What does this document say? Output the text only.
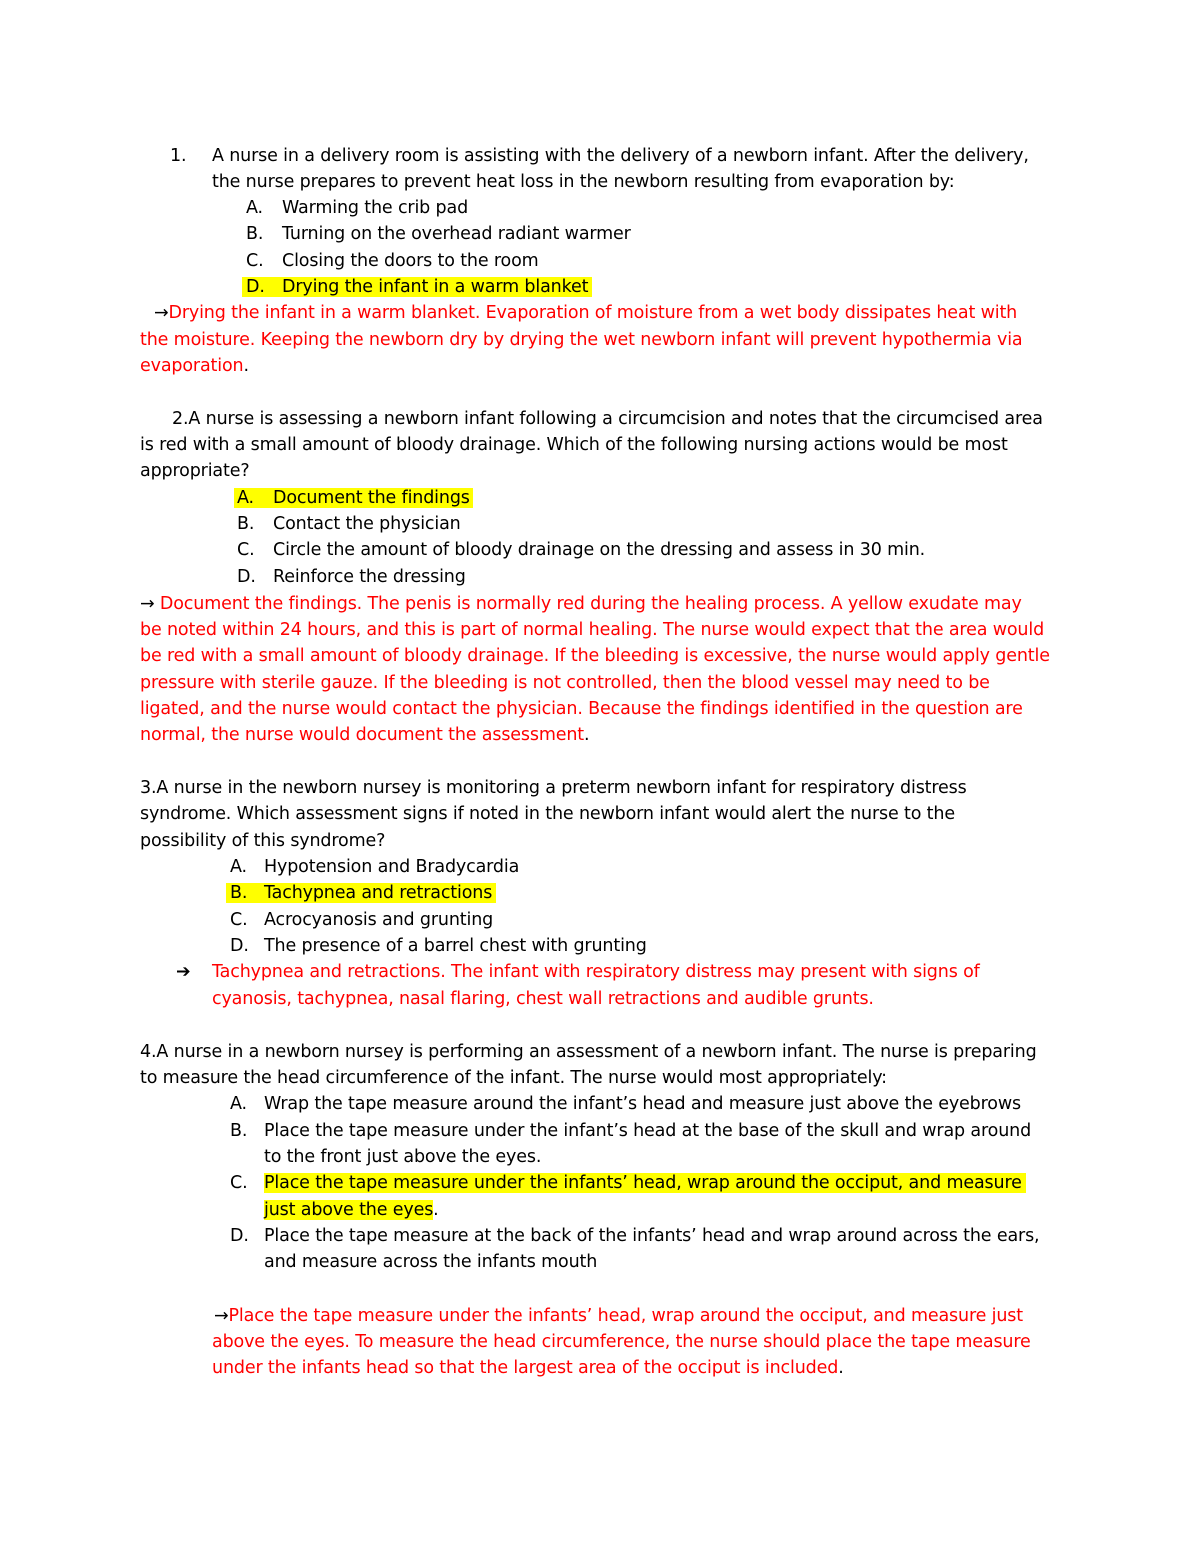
1. A nurse in a delivery room is assisting with the delivery of a newborn infant. After the delivery,
the nurse prepares to prevent heat loss in the newborn resulting from evaporation by:
A. Warming the crib pad
B. Turning on the overhead radiant warmer
C. Closing the doors to the room
D. Drying the infant in a warm blanket
→Drying the infant in a warm blanket. Evaporation of moisture from a wet body dissipates heat with
the moisture. Keeping the newborn dry by drying the wet newborn infant will prevent hypothermia via
evaporation.
2.A nurse is assessing a newborn infant following a circumcision and notes that the circumcised area
is red with a small amount of bloody drainage. Which of the following nursing actions would be most
appropriate?
A. Document the findings
B. Contact the physician
C. Circle the amount of bloody drainage on the dressing and assess in 30 min.
D. Reinforce the dressing
→ Document the findings. The penis is normally red during the healing process. A yellow exudate may
be noted within 24 hours, and this is part of normal healing. The nurse would expect that the area would
be red with a small amount of bloody drainage. If the bleeding is excessive, the nurse would apply gentle
pressure with sterile gauze. If the bleeding is not controlled, then the blood vessel may need to be
ligated, and the nurse would contact the physician. Because the findings identified in the question are
normal, the nurse would document the assessment.
3.A nurse in the newborn nursey is monitoring a preterm newborn infant for respiratory distress
syndrome. Which assessment signs if noted in the newborn infant would alert the nurse to the
possibility of this syndrome?
A. Hypotension and Bradycardia
B. Tachypnea and retractions
C. Acrocyanosis and grunting
D. The presence of a barrel chest with grunting
➔ Tachypnea and retractions. The infant with respiratory distress may present with signs of
cyanosis, tachypnea, nasal flaring, chest wall retractions and audible grunts.
4.A nurse in a newborn nursey is performing an assessment of a newborn infant. The nurse is preparing
to measure the head circumference of the infant. The nurse would most appropriately:
A. Wrap the tape measure around the infant’s head and measure just above the eyebrows
B. Place the tape measure under the infant’s head at the base of the skull and wrap around
to the front just above the eyes.
C. Place the tape measure under the infants’ head, wrap around the occiput, and measure
just above the eyes.
D. Place the tape measure at the back of the infants’ head and wrap around across the ears,
and measure across the infants mouth
→Place the tape measure under the infants’ head, wrap around the occiput, and measure just
above the eyes. To measure the head circumference, the nurse should place the tape measure
under the infants head so that the largest area of the occiput is included.
